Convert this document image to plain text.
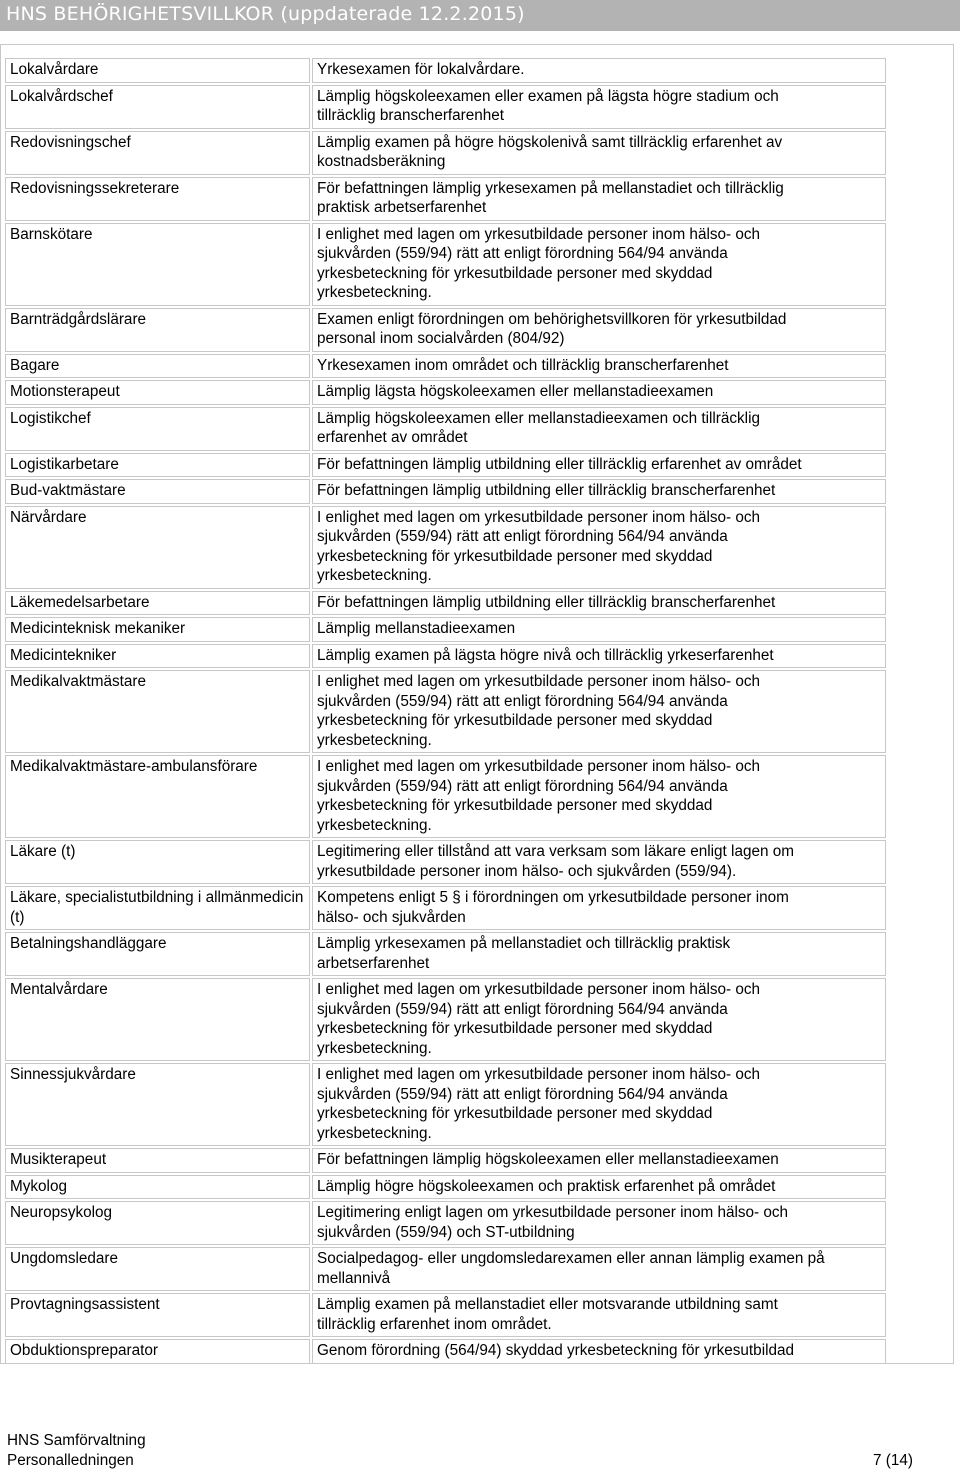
HNS BEHÖRIGHETSVILLKOR (uppdaterade 12.2.2015)
Lokalvårdare	Yrkesexamen för lokalvårdare.

Lokalvårdschef	Lämplig högskoleexamen eller examen på lägsta högre stadium och
tillräcklig branscherfarenhet

Redovisningschef	Lämplig examen på högre högskolenivå samt tillräcklig erfarenhet av
kostnadsberäkning

Redovisningssekreterare	För befattningen lämplig yrkesexamen på mellanstadiet och tillräcklig
praktisk arbetserfarenhet

Barnskötare	I enlighet med lagen om yrkesutbildade personer inom hälso- och
sjukvården (559/94) rätt att enligt förordning 564/94 använda
yrkesbeteckning för yrkesutbildade personer med skyddad
yrkesbeteckning.

Barnträdgårdslärare	Examen enligt förordningen om behörighetsvillkoren för yrkesutbildad
personal inom socialvården (804/92)

Bagare	Yrkesexamen inom området och tillräcklig branscherfarenhet

Motionsterapeut	Lämplig lägsta högskoleexamen eller mellanstadieexamen

Logistikchef	Lämplig högskoleexamen eller mellanstadieexamen och tillräcklig
erfarenhet av området

Logistikarbetare	För befattningen lämplig utbildning eller tillräcklig erfarenhet av området

Bud-vaktmästare	För befattningen lämplig utbildning eller tillräcklig branscherfarenhet

Närvårdare	I enlighet med lagen om yrkesutbildade personer inom hälso- och
sjukvården (559/94) rätt att enligt förordning 564/94 använda
yrkesbeteckning för yrkesutbildade personer med skyddad
yrkesbeteckning.

Läkemedelsarbetare	För befattningen lämplig utbildning eller tillräcklig branscherfarenhet

Medicinteknisk mekaniker	Lämplig mellanstadieexamen

Medicintekniker	Lämplig examen på lägsta högre nivå och tillräcklig yrkeserfarenhet

Medikalvaktmästare	I enlighet med lagen om yrkesutbildade personer inom hälso- och
sjukvården (559/94) rätt att enligt förordning 564/94 använda
yrkesbeteckning för yrkesutbildade personer med skyddad
yrkesbeteckning.

Medikalvaktmästare-ambulansförare	I enlighet med lagen om yrkesutbildade personer inom hälso- och
sjukvården (559/94) rätt att enligt förordning 564/94 använda
yrkesbeteckning för yrkesutbildade personer med skyddad
yrkesbeteckning.

Läkare (t)	Legitimering eller tillstånd att vara verksam som läkare enligt lagen om
yrkesutbildade personer inom hälso- och sjukvården (559/94).

Läkare, specialistutbildning i allmänmedicin (t)	Kompetens enligt 5 § i förordningen om yrkesutbildade personer inom
hälso- och sjukvården

Betalningshandläggare	Lämplig yrkesexamen på mellanstadiet och tillräcklig praktisk
arbetserfarenhet

Mentalvårdare	I enlighet med lagen om yrkesutbildade personer inom hälso- och
sjukvården (559/94) rätt att enligt förordning 564/94 använda
yrkesbeteckning för yrkesutbildade personer med skyddad
yrkesbeteckning.

Sinnessjukvårdare	I enlighet med lagen om yrkesutbildade personer inom hälso- och
sjukvården (559/94) rätt att enligt förordning 564/94 använda
yrkesbeteckning för yrkesutbildade personer med skyddad
yrkesbeteckning.

Musikterapeut	För befattningen lämplig högskoleexamen eller mellanstadieexamen

Mykolog	Lämplig högre högskoleexamen och praktisk erfarenhet på området

Neuropsykolog	Legitimering enligt lagen om yrkesutbildade personer inom hälso- och
sjukvården (559/94) och ST-utbildning

Ungdomsledare	Socialpedagog- eller ungdomsledarexamen eller annan lämplig examen på
mellannivå

Provtagningsassistent	Lämplig examen på mellanstadiet eller motsvarande utbildning samt
tillräcklig erfarenhet inom området.

Obduktionspreparator	Genom förordning (564/94) skyddad yrkesbeteckning för yrkesutbildad
HNS Samförvaltning
Personalledningen	7 (14)
